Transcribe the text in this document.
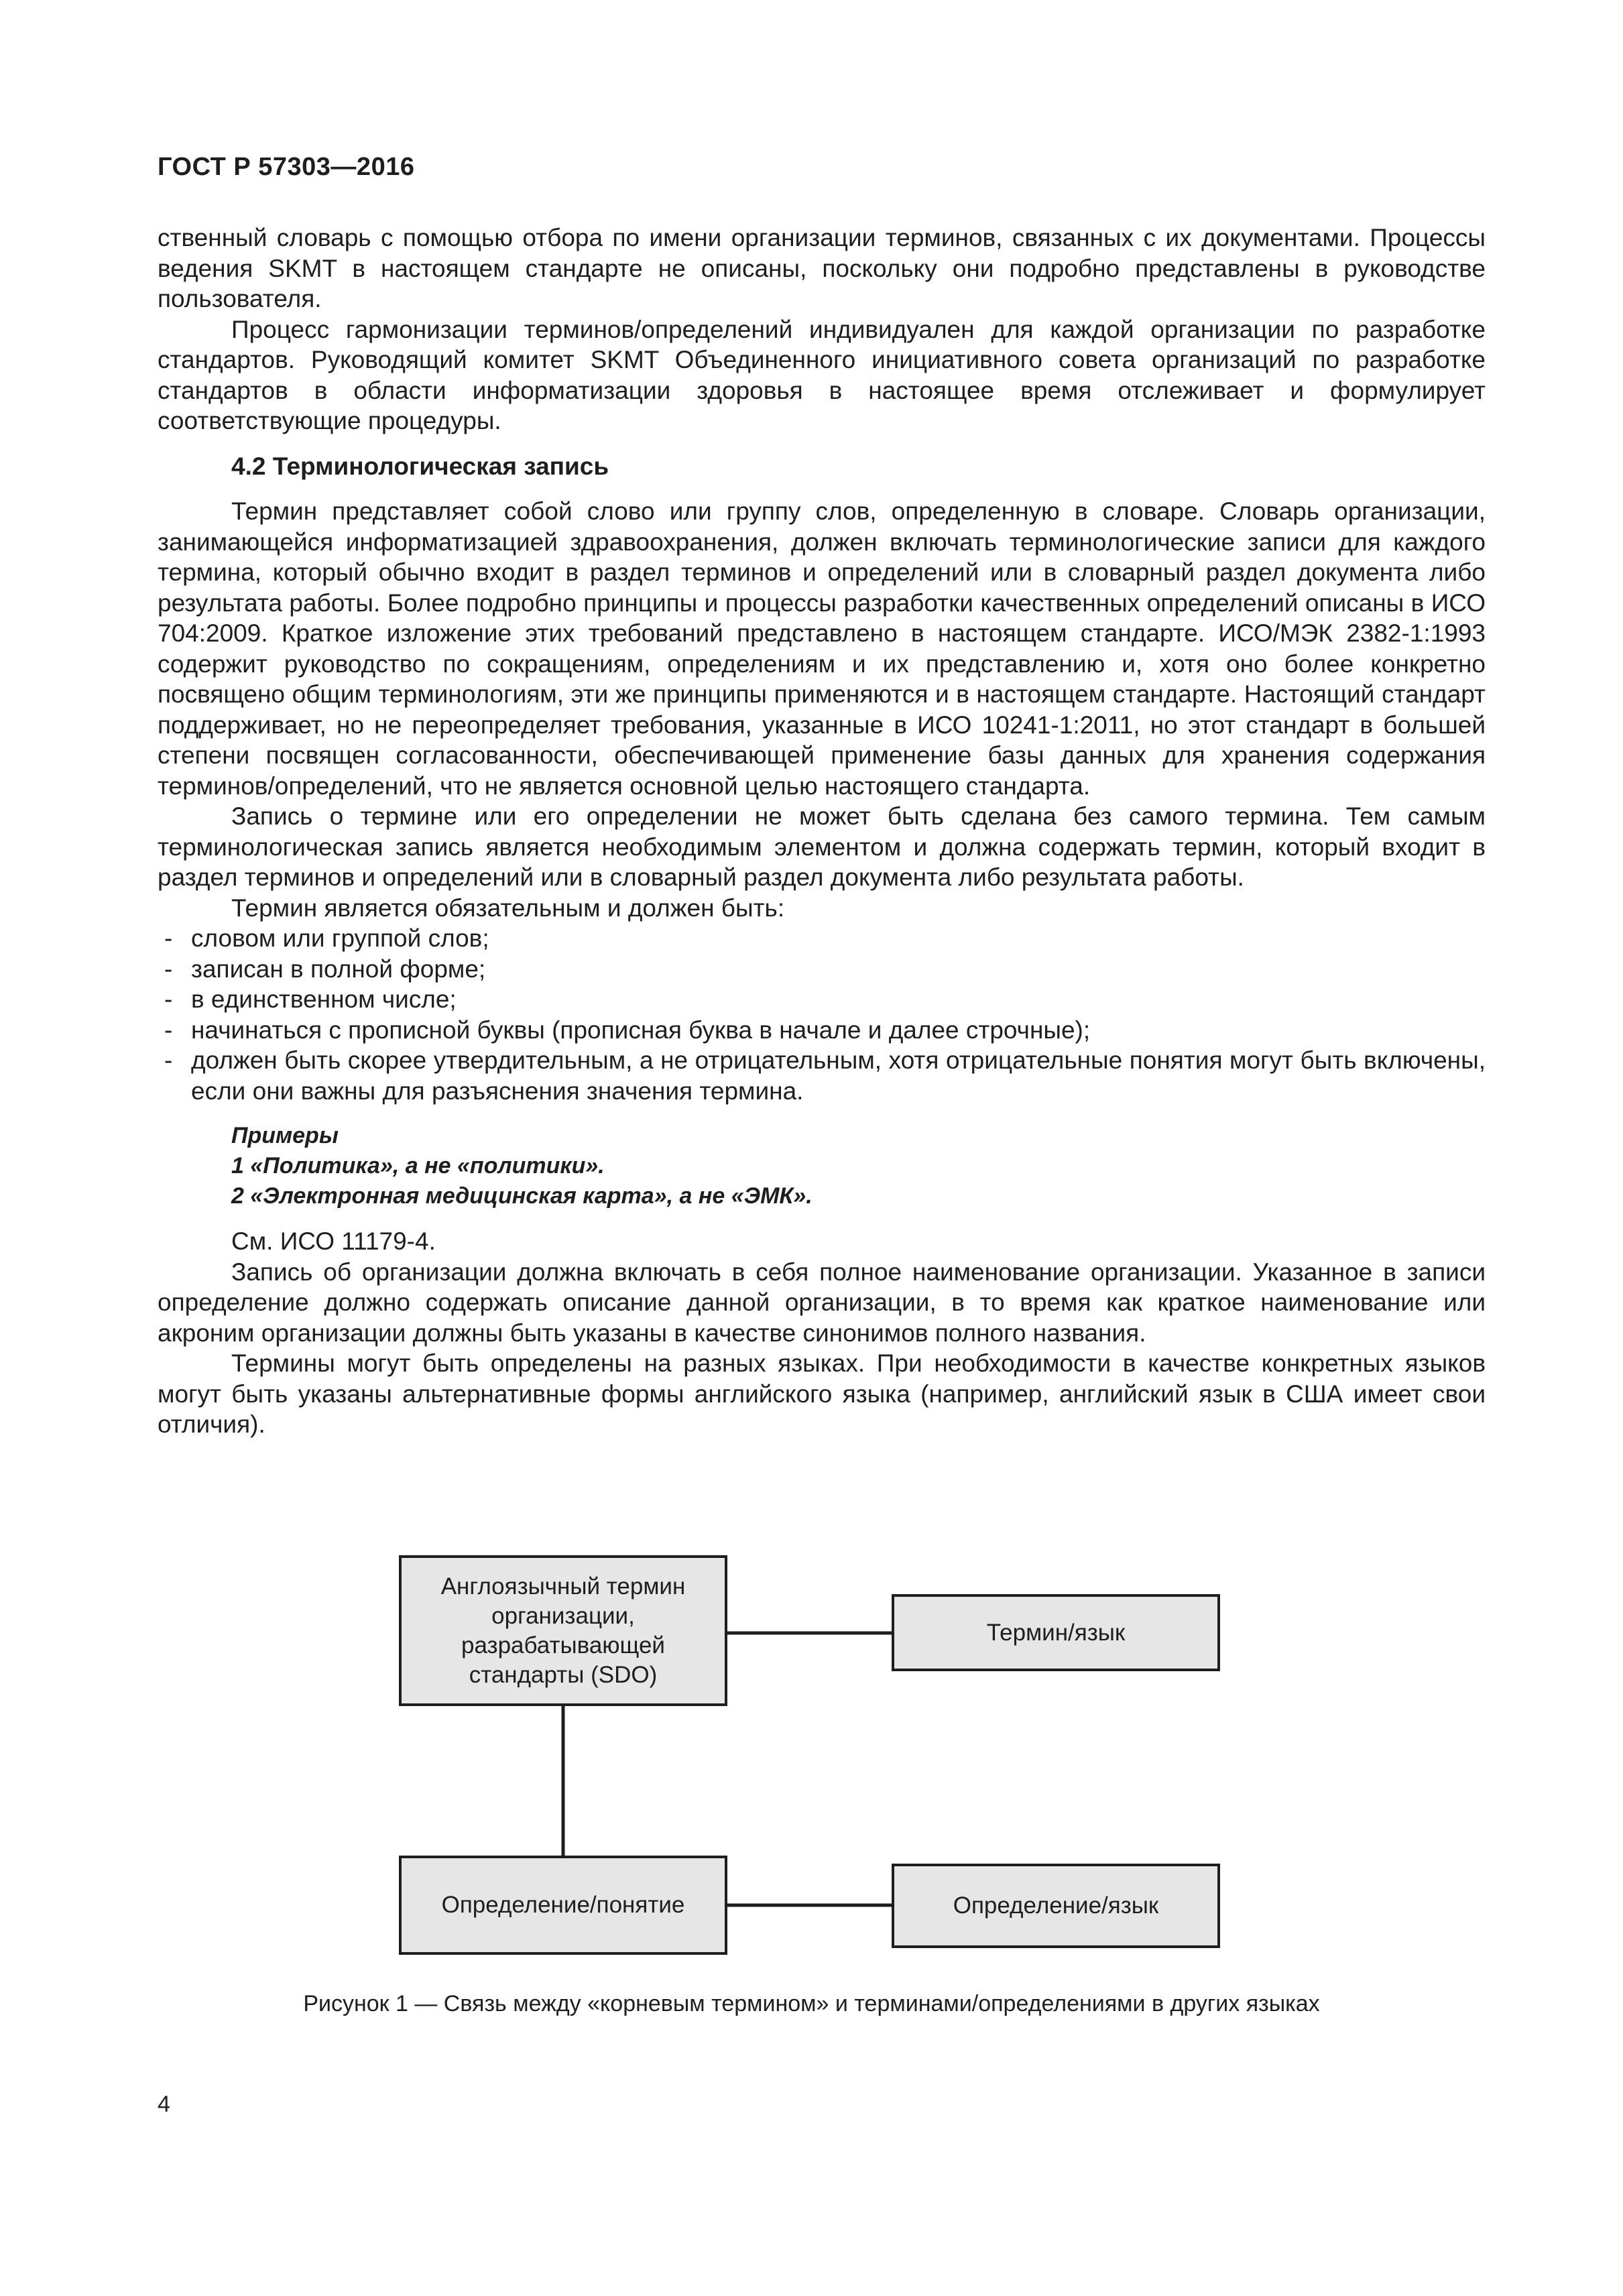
ГОСТ Р 57303—2016

ственный словарь с помощью отбора по имени организации терминов, связанных с их документами. Процессы ведения SKMT в настоящем стандарте не описаны, поскольку они подробно представлены в руководстве пользователя.

Процесс гармонизации терминов/определений индивидуален для каждой организации по разработке стандартов. Руководящий комитет SKMT Объединенного инициативного совета организаций по разработке стандартов в области информатизации здоровья в настоящее время отслеживает и формулирует соответствующие процедуры.

4.2 Терминологическая запись

Термин представляет собой слово или группу слов, определенную в словаре. Словарь организации, занимающейся информатизацией здравоохранения, должен включать терминологические записи для каждого термина, который обычно входит в раздел терминов и определений или в словарный раздел документа либо результата работы. Более подробно принципы и процессы разработки качественных определений описаны в ИСО 704:2009. Краткое изложение этих требований представлено в настоящем стандарте. ИСО/МЭК 2382-1:1993 содержит руководство по сокращениям, определениям и их представлению и, хотя оно более конкретно посвящено общим терминологиям, эти же принципы применяются и в настоящем стандарте. Настоящий стандарт поддерживает, но не переопределяет требования, указанные в ИСО 10241-1:2011, но этот стандарт в большей степени посвящен согласованности, обеспечивающей применение базы данных для хранения содержания терминов/определений, что не является основной целью настоящего стандарта.

Запись о термине или его определении не может быть сделана без самого термина. Тем самым терминологическая запись является необходимым элементом и должна содержать термин, который входит в раздел терминов и определений или в словарный раздел документа либо результата работы.

Термин является обязательным и должен быть:

- словом или группой слов;
- записан в полной форме;
- в единственном числе;
- начинаться с прописной буквы (прописная буква в начале и далее строчные);
- должен быть скорее утвердительным, а не отрицательным, хотя отрицательные понятия могут быть включены, если они важны для разъяснения значения термина.
Примеры
1 «Политика», а не «политики».
2 «Электронная медицинская карта», а не «ЭМК».

См. ИСО 11179-4.

Запись об организации должна включать в себя полное наименование организации. Указанное в записи определение должно содержать описание данной организации, в то время как краткое наименование или акроним организации должны быть указаны в качестве синонимов полного названия.

Термины могут быть определены на разных языках. При необходимости в качестве конкретных языков могут быть указаны альтернативные формы английского языка (например, английский язык в США имеет свои отличия).

Англоязычный термин организации, разрабатывающей стандарты (SDO)
Термин/язык
Определение/понятие	Определение/язык
Рисунок 1 — Связь между «корневым термином» и терминами/определениями в других языках
4
